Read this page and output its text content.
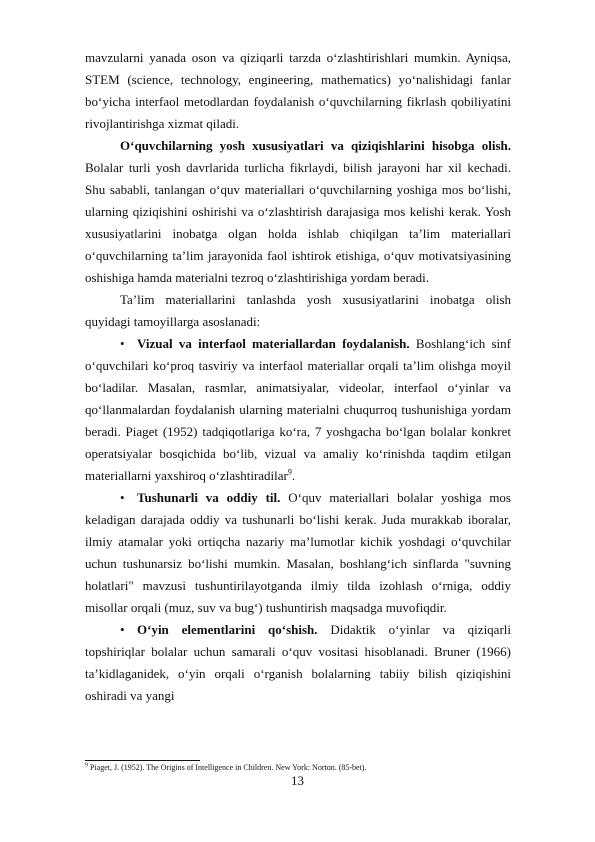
mavzularni yanada oson va qiziqarli tarzda o‘zlashtirishlari mumkin. Ayniqsa, STEM (science, technology, engineering, mathematics) yo‘nalishidagi fanlar bo‘yicha interfaol metodlardan foydalanish o‘quvchilarning fikrlash qobiliyatini rivojlantirishga xizmat qiladi.

O‘quvchilarning yosh xususiyatlari va qiziqishlarini hisobga olish. Bolalar turli yosh davrlarida turlicha fikrlaydi, bilish jarayoni har xil kechadi. Shu sababli, tanlangan o‘quv materiallari o‘quvchilarning yoshiga mos bo‘lishi, ularning qiziqishini oshirishi va o‘zlashtirish darajasiga mos kelishi kerak. Yosh xususiyatlarini inobatga olgan holda ishlab chiqilgan ta’lim materiallari o‘quvchilarning ta’lim jarayonida faol ishtirok etishiga, o‘quv motivatsiyasining oshishiga hamda materialni tezroq o‘zlashtirishiga yordam beradi.

Ta’lim materiallarini tanlashda yosh xususiyatlarini inobatga olish quyidagi tamoyillarga asoslanadi:

• Vizual va interfaol materiallardan foydalanish. Boshlang‘ich sinf o‘quvchilari ko‘proq tasviriy va interfaol materiallar orqali ta’lim olishga moyil bo‘ladilar. Masalan, rasmlar, animatsiyalar, videolar, interfaol o‘yinlar va qo‘llanmalardan foydalanish ularning materialni chuqurroq tushunishiga yordam beradi. Piaget (1952) tadqiqotlariga ko‘ra, 7 yoshgacha bo‘lgan bolalar konkret operatsiyalar bosqichida bo‘lib, vizual va amaliy ko‘rinishda taqdim etilgan materiallarni yaxshiroq o‘zlashtiradilar$^9$.

• Tushunarli va oddiy til. O‘quv materiallari bolalar yoshiga mos keladigan darajada oddiy va tushunarli bo‘lishi kerak. Juda murakkab iboralar, ilmiy atamalar yoki ortiqcha nazariy ma’lumotlar kichik yoshdagi o‘quvchilar uchun tushunarsiz bo‘lishi mumkin. Masalan, boshlang‘ich sinflarda "suvning holatlari" mavzusi tushuntirilayotganda ilmiy tilda izohlash o‘rniga, oddiy misollar orqali (muz, suv va bug‘) tushuntirish maqsadga muvofiqdir.

• O‘yin elementlarini qo‘shish. Didaktik o‘yinlar va qiziqarli topshiriqlar bolalar uchun samarali o‘quv vositasi hisoblanadi. Bruner (1966) ta’kidlaganidek, o‘yin orqali o‘rganish bolalarning tabiiy bilish qiziqishini oshiradi va yangi

$^9$ Piaget, J. (1952). The Origins of Intelligence in Children. New York: Norton. (85-bet).
13
